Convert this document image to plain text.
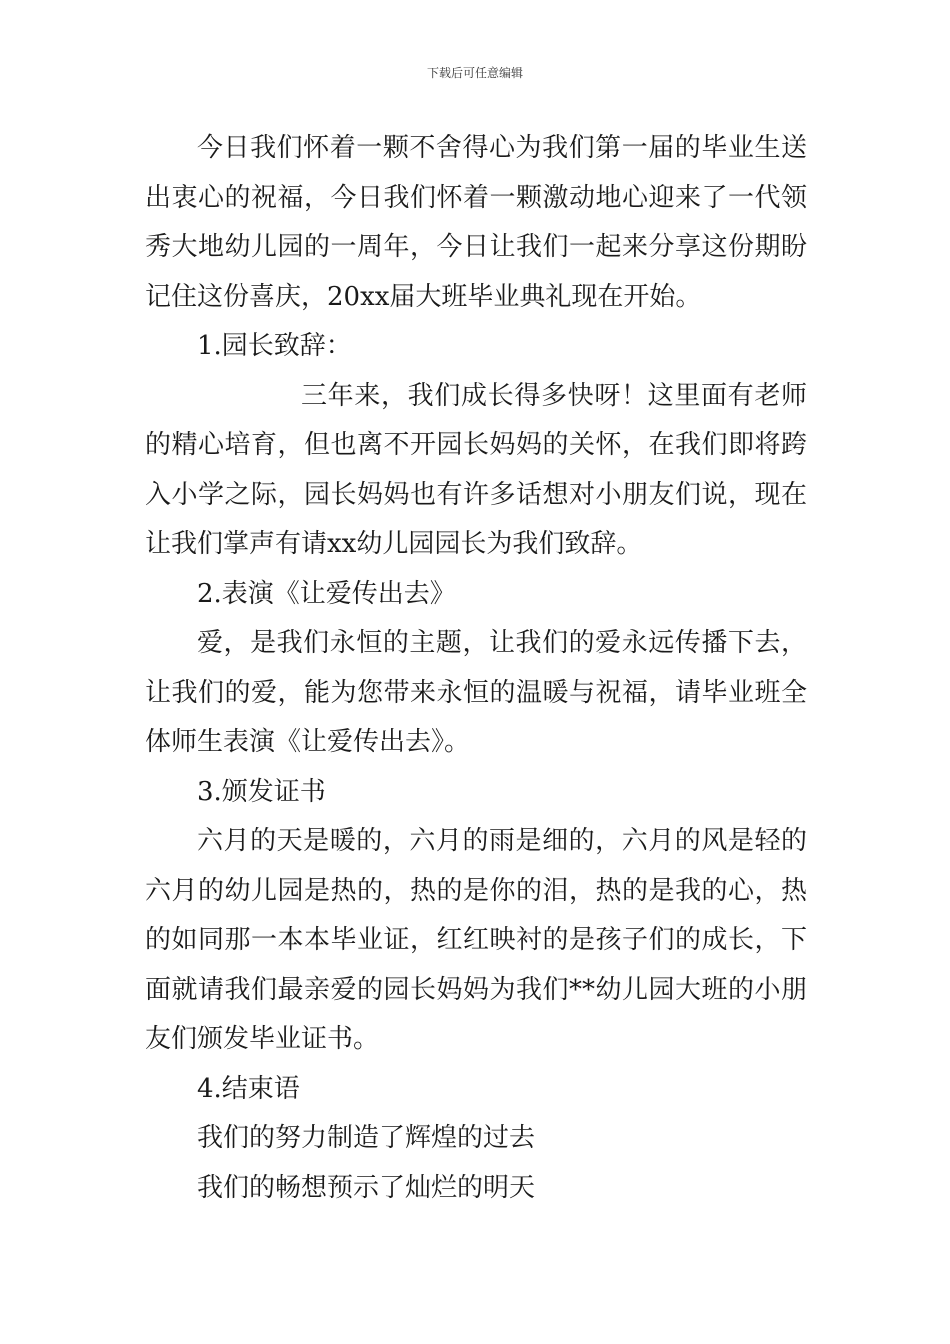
下载后可任意编辑

今日我们怀着一颗不舍得心为我们第一届的毕业生送出衷心的祝福，今日我们怀着一颗激动地心迎来了一代领秀大地幼儿园的一周年，今日让我们一起来分享这份期盼记住这份喜庆，20xx届大班毕业典礼现在开始。

1.园长致辞：

三年来，我们成长得多快呀！这里面有老师的精心培育，但也离不开园长妈妈的关怀，在我们即将跨入小学之际，园长妈妈也有许多话想对小朋友们说，现在让我们掌声有请xx幼儿园园长为我们致辞。

2.表演《让爱传出去》

爱，是我们永恒的主题，让我们的爱永远传播下去，让我们的爱，能为您带来永恒的温暖与祝福，请毕业班全体师生表演《让爱传出去》。

3.颁发证书

六月的天是暖的，六月的雨是细的，六月的风是轻的六月的幼儿园是热的，热的是你的泪，热的是我的心，热的如同那一本本毕业证，红红映衬的是孩子们的成长，下面就请我们最亲爱的园长妈妈为我们**幼儿园大班的小朋友们颁发毕业证书。

4.结束语

我们的努力制造了辉煌的过去

我们的畅想预示了灿烂的明天
